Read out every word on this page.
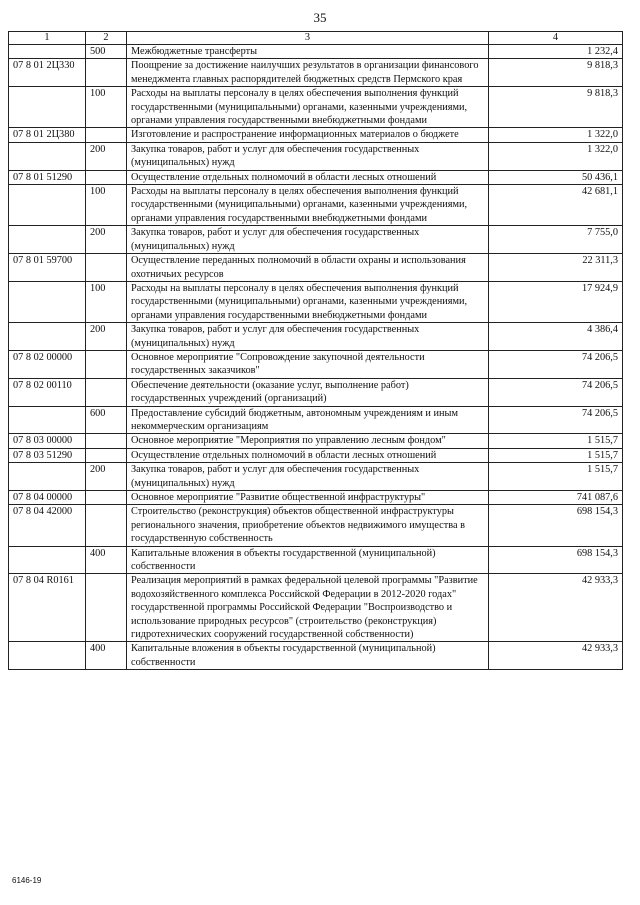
35
1	2	3	4
	500	Межбюджетные трансферты	1 232,4
07 8 01 2Ц330		Поощрение за достижение наилучших результатов в организации финансового менеджмента главных распорядителей бюджетных средств Пермского края	9 818,3
	100	Расходы на выплаты персоналу в целях обеспечения выполнения функций государственными (муниципальными) органами, казенными учреждениями, органами управления государственными внебюджетными фондами	9 818,3
07 8 01 2Ц380		Изготовление и распространение информационных материалов о бюджете	1 322,0
	200	Закупка товаров, работ и услуг для обеспечения государственных (муниципальных) нужд	1 322,0
07 8 01 51290		Осуществление отдельных полномочий в области лесных отношений	50 436,1
	100	Расходы на выплаты персоналу в целях обеспечения выполнения функций государственными (муниципальными) органами, казенными учреждениями, органами управления государственными внебюджетными фондами	42 681,1
	200	Закупка товаров, работ и услуг для обеспечения государственных (муниципальных) нужд	7 755,0
07 8 01 59700		Осуществление переданных полномочий в области охраны и использования охотничьих ресурсов	22 311,3
	100	Расходы на выплаты персоналу в целях обеспечения выполнения функций государственными (муниципальными) органами, казенными учреждениями, органами управления государственными внебюджетными фондами	17 924,9
	200	Закупка товаров, работ и услуг для обеспечения государственных (муниципальных) нужд	4 386,4
07 8 02 00000		Основное мероприятие "Сопровождение закупочной деятельности государственных заказчиков"	74 206,5
07 8 02 00110		Обеспечение деятельности (оказание услуг, выполнение работ) государственных учреждений (организаций)	74 206,5
	600	Предоставление субсидий бюджетным, автономным учреждениям и иным некоммерческим организациям	74 206,5
07 8 03 00000		Основное мероприятие "Мероприятия по управлению лесным фондом"	1 515,7
07 8 03 51290		Осуществление отдельных полномочий в области лесных отношений	1 515,7
	200	Закупка товаров, работ и услуг для обеспечения государственных (муниципальных) нужд	1 515,7
07 8 04 00000		Основное мероприятие "Развитие общественной инфраструктуры"	741 087,6
07 8 04 42000		Строительство (реконструкция) объектов общественной инфраструктуры регионального значения, приобретение объектов недвижимого имущества в государственную собственность	698 154,3
	400	Капитальные вложения в объекты государственной (муниципальной) собственности	698 154,3
07 8 04 R0161		Реализация мероприятий в рамках федеральной целевой программы "Развитие водохозяйственного комплекса Российской Федерации в 2012-2020 годах" государственной программы Российской Федерации "Воспроизводство и использование природных ресурсов" (строительство (реконструкция) гидротехнических сооружений государственной собственности)	42 933,3
	400	Капитальные вложения в объекты государственной (муниципальной) собственности	42 933,3
6146-19
